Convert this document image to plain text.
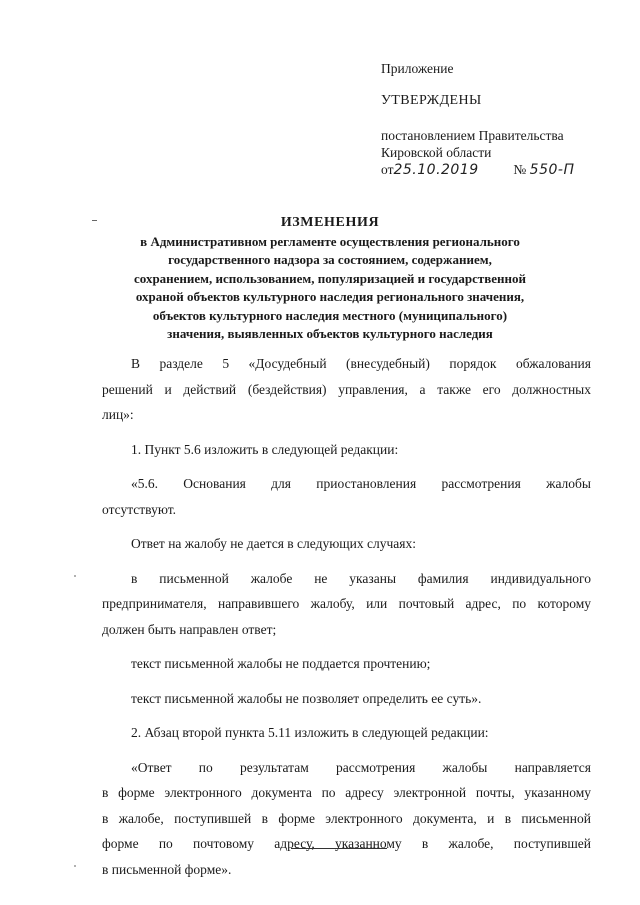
Приложение
УТВЕРЖДЕНЫ
постановлением Правительства
Кировской области
от25.10.2019	№ 550-П
ИЗМЕНЕНИЯ
в Административном регламенте осуществления регионального
государственного надзора за состоянием, содержанием,
сохранением, использованием, популяризацией и государственной
охраной объектов культурного наследия регионального значения,
объектов культурного наследия местного (муниципального)
значения, выявленных объектов культурного наследия
В разделе 5 «Досудебный (внесудебный) порядок обжалования
решений и действий (бездействия) управления, а также его должностных
лиц»:
1. Пункт 5.6 изложить в следующей редакции:
«5.6. Основания для приостановления рассмотрения жалобы
отсутствуют.
Ответ на жалобу не дается в следующих случаях:
в письменной жалобе не указаны фамилия индивидуального
предпринимателя, направившего жалобу, или почтовый адрес, по которому
должен быть направлен ответ;
текст письменной жалобы не поддается прочтению;
текст письменной жалобы не позволяет определить ее суть».
2. Абзац второй пункта 5.11 изложить в следующей редакции:
«Ответ по результатам рассмотрения жалобы направляется
в форме электронного документа по адресу электронной почты, указанному
в жалобе, поступившей в форме электронного документа, и в письменной
форме по почтовому адресу, указанному в жалобе, поступившей
в письменной форме».
